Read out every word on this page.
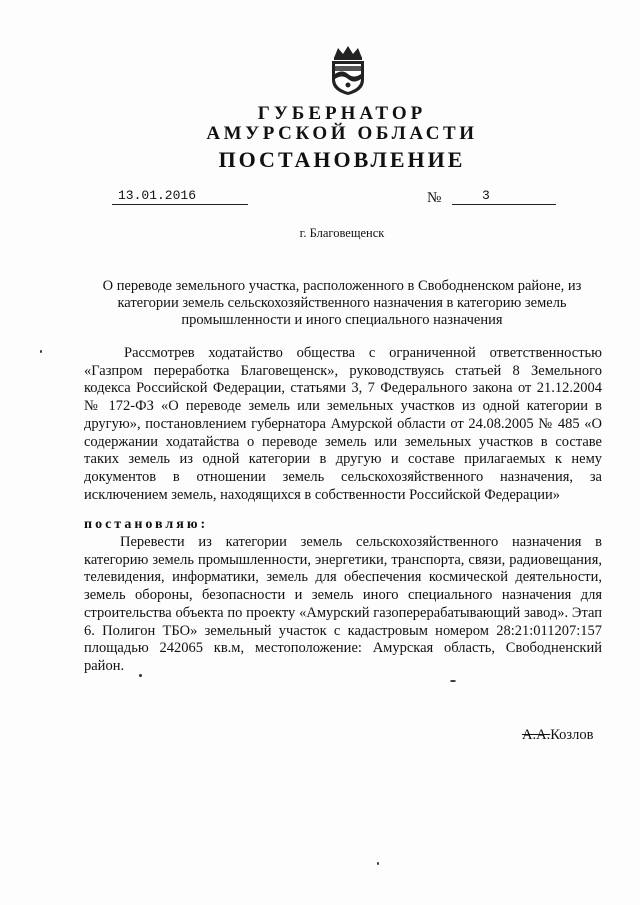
ГУБЕРНАТОР
АМУРСКОЙ ОБЛАСТИ
ПОСТАНОВЛЕНИЕ
13.01.2016	№	3
г. Благовещенск
О переводе земельного участка, расположенного в Свободненском районе, из категории земель сельскохозяйственного назначения в категорию земель промышленности и иного специального назначения
Рассмотрев ходатайство общества с ограниченной ответственностью «Газпром переработка Благовещенск», руководствуясь статьей 8 Земельного кодекса Российской Федерации, статьями 3, 7 Федерального закона от 21.12.2004 № 172-ФЗ «О переводе земель или земельных участков из одной категории в другую», постановлением губернатора Амурской области от 24.08.2005 № 485 «О содержании ходатайства о переводе земель или земельных участков в составе таких земель из одной категории в другую и составе прилагаемых к нему документов в отношении земель сельскохозяйственного назначения, за исключением земель, находящихся в собственности Российской Федерации»
постановляю:
Перевести из категории земель сельскохозяйственного назначения в категорию земель промышленности, энергетики, транспорта, связи, радиовещания, телевидения, информатики, земель для обеспечения космической деятельности, земель обороны, безопасности и земель иного специального назначения для строительства объекта по проекту «Амурский газоперерабатывающий завод». Этап 6. Полигон ТБО» земельный участок с кадастровым номером 28:21:011207:157 площадью 242065 кв.м, местоположение: Амурская область, Свободненский район.
А.А.Козлов
